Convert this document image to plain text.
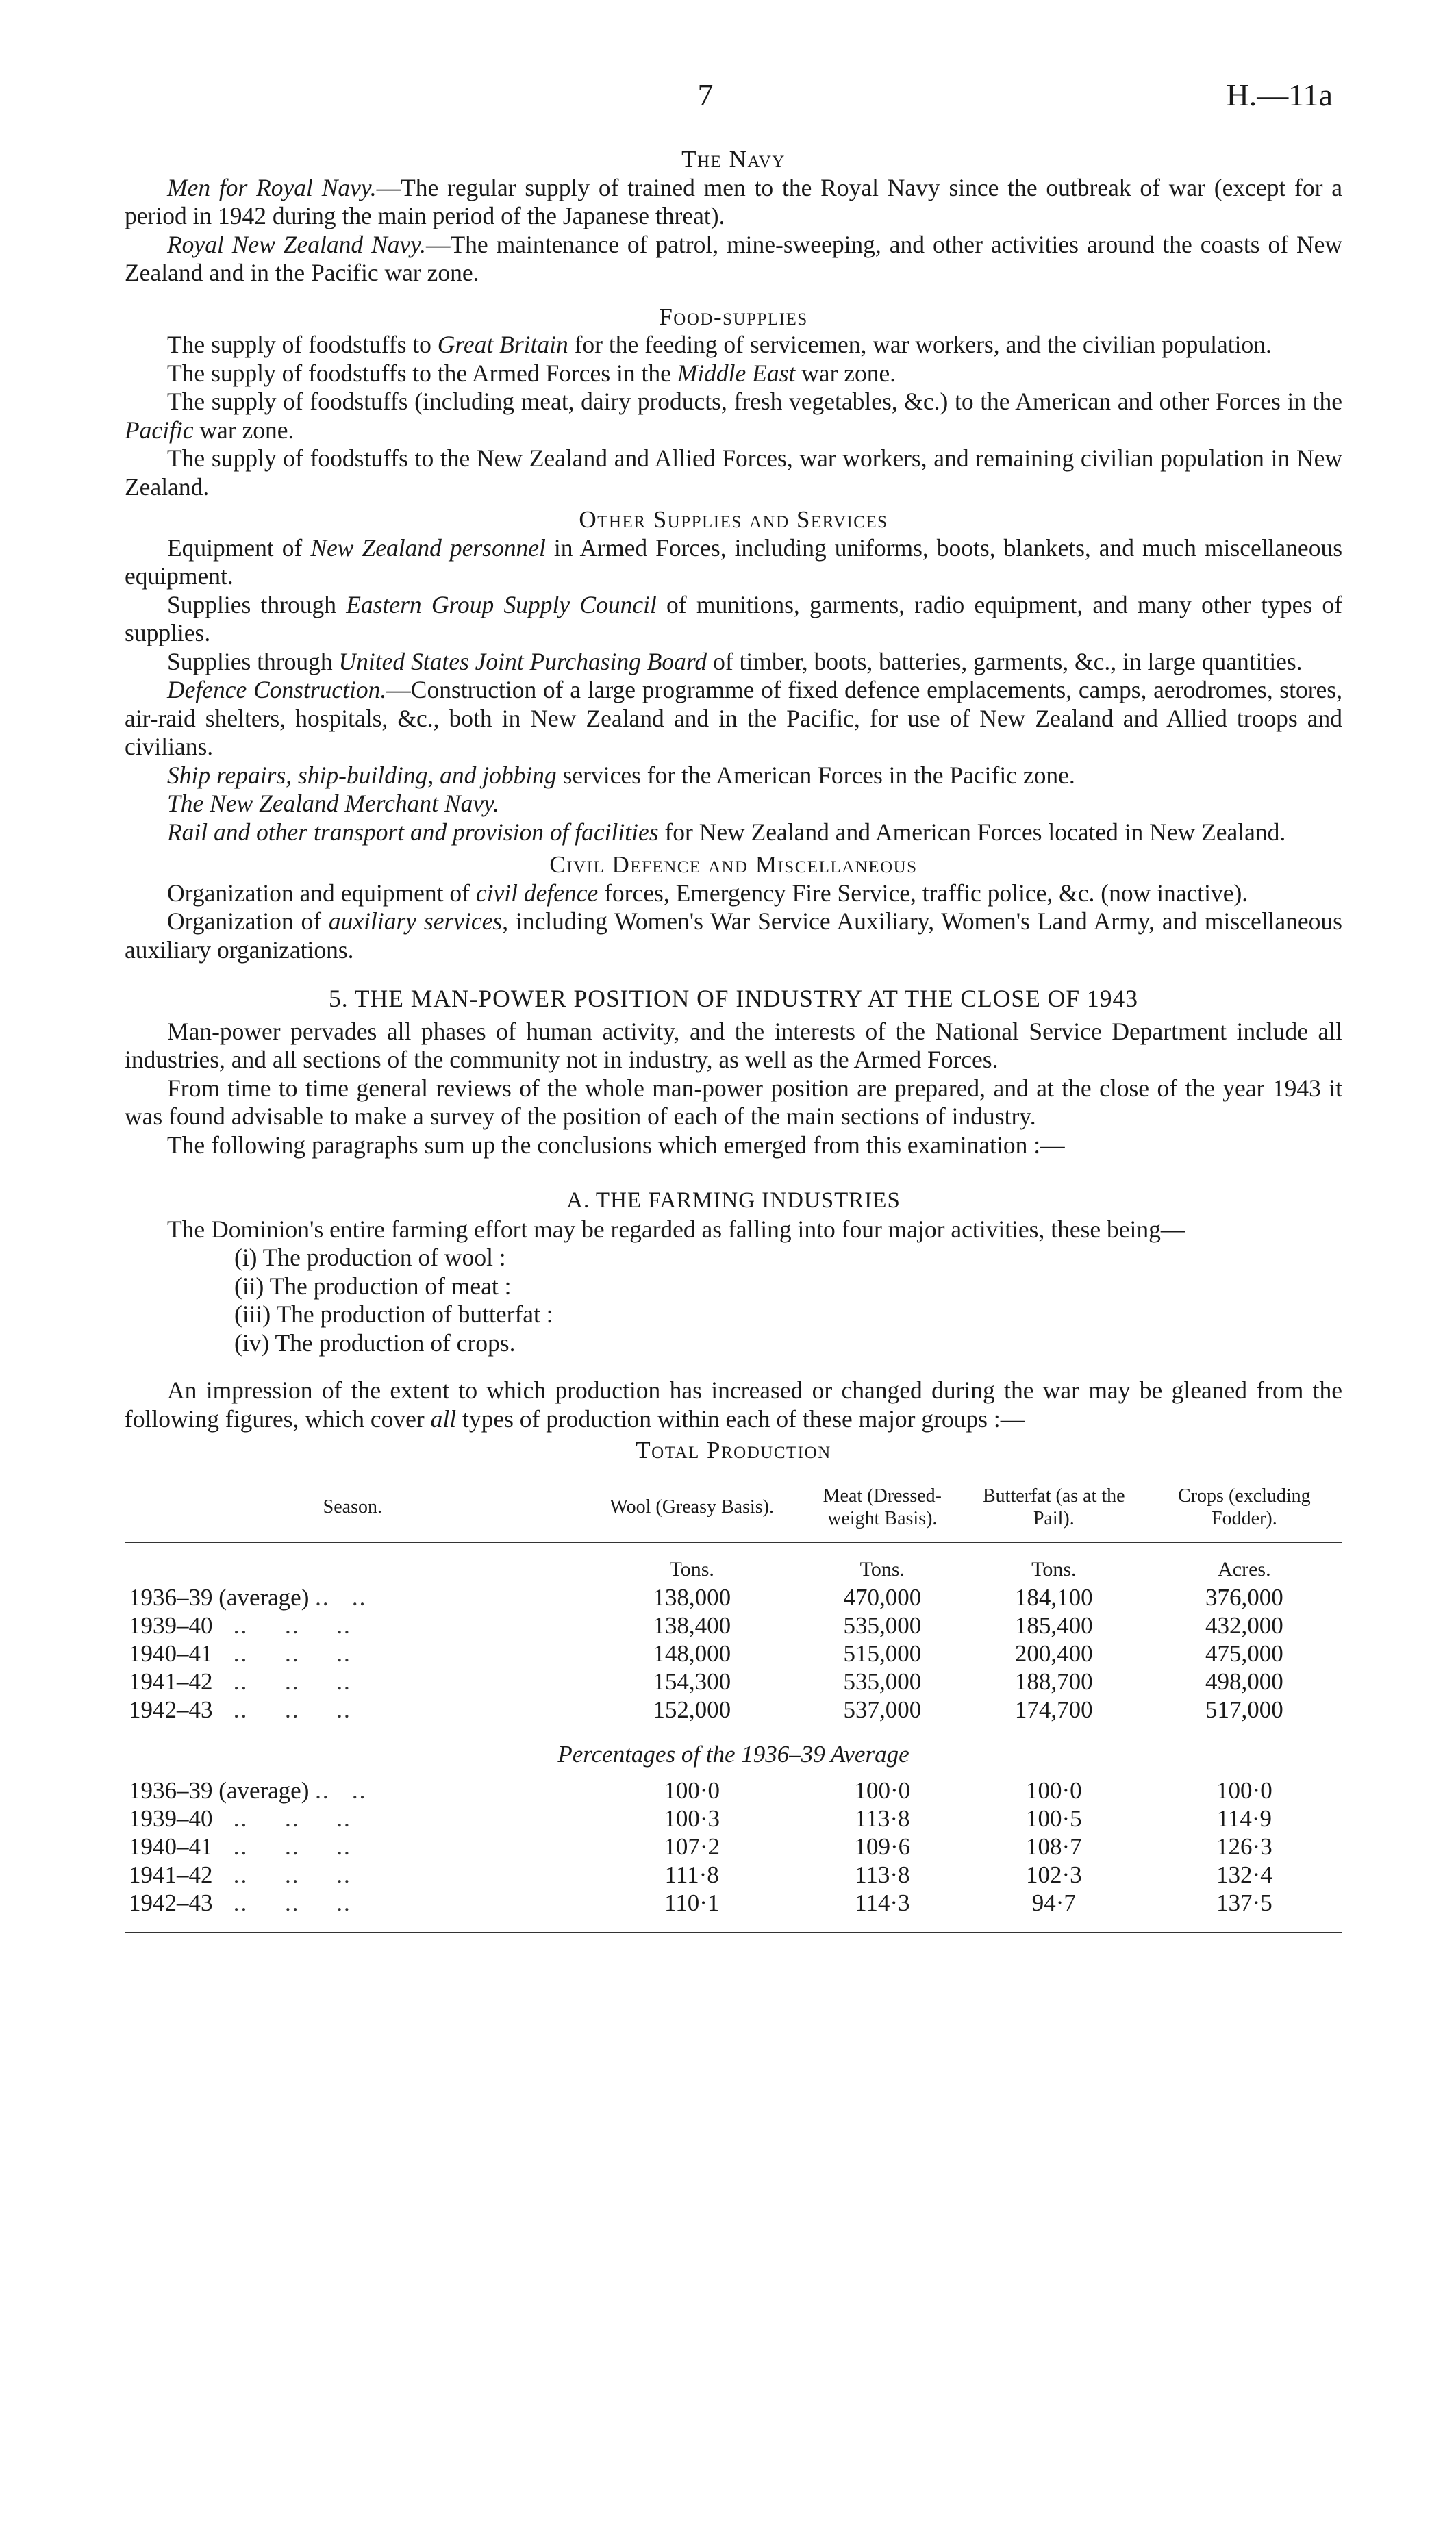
7	H.—11a
The Navy

Men for Royal Navy.—The regular supply of trained men to the Royal Navy since the outbreak of war (except for a period in 1942 during the main period of the Japanese threat).

Royal New Zealand Navy.—The maintenance of patrol, mine-sweeping, and other activities around the coasts of New Zealand and in the Pacific war zone.

Food-supplies

The supply of foodstuffs to Great Britain for the feeding of servicemen, war workers, and the civilian population.

The supply of foodstuffs to the Armed Forces in the Middle East war zone.

The supply of foodstuffs (including meat, dairy products, fresh vegetables, &c.) to the American and other Forces in the Pacific war zone.

The supply of foodstuffs to the New Zealand and Allied Forces, war workers, and remaining civilian population in New Zealand.

Other Supplies and Services

Equipment of New Zealand personnel in Armed Forces, including uniforms, boots, blankets, and much miscellaneous equipment.

Supplies through Eastern Group Supply Council of munitions, garments, radio equipment, and many other types of supplies.

Supplies through United States Joint Purchasing Board of timber, boots, batteries, garments, &c., in large quantities.

Defence Construction.—Construction of a large programme of fixed defence emplacements, camps, aerodromes, stores, air-raid shelters, hospitals, &c., both in New Zealand and in the Pacific, for use of New Zealand and Allied troops and civilians.

Ship repairs, ship-building, and jobbing services for the American Forces in the Pacific zone.

The New Zealand Merchant Navy.

Rail and other transport and provision of facilities for New Zealand and American Forces located in New Zealand.

Civil Defence and Miscellaneous

Organization and equipment of civil defence forces, Emergency Fire Service, traffic police, &c. (now inactive).

Organization of auxiliary services, including Women's War Service Auxiliary, Women's Land Army, and miscellaneous auxiliary organizations.

5. THE MAN-POWER POSITION OF INDUSTRY AT THE CLOSE OF 1943

Man-power pervades all phases of human activity, and the interests of the National Service Department include all industries, and all sections of the community not in industry, as well as the Armed Forces.

From time to time general reviews of the whole man-power position are prepared, and at the close of the year 1943 it was found advisable to make a survey of the position of each of the main sections of industry.

The following paragraphs sum up the conclusions which emerged from this examination :—

A. THE FARMING INDUSTRIES

The Dominion's entire farming effort may be regarded as falling into four major activities, these being—

(i) The production of wool :
(ii) The production of meat :
(iii) The production of butterfat :
(iv) The production of crops.

An impression of the extent to which production has increased or changed during the war may be gleaned from the following figures, which cover all types of production within each of these major groups :—

Total Production
Season.	Wool (Greasy Basis).	Meat (Dressed-weight Basis).	Butterfat (as at the Pail).	Crops (excluding Fodder).
	Tons.	Tons.	Tons.	Acres.
1936–39 (average) ..   ..	138,000	470,000	184,100	376,000
1939–40   ..     ..     ..	138,400	535,000	185,400	432,000
1940–41   ..     ..     ..	148,000	515,000	200,400	475,000
1941–42   ..     ..     ..	154,300	535,000	188,700	498,000
1942–43   ..     ..     ..	152,000	537,000	174,700	517,000
Percentages of the 1936–39 Average				
1936–39 (average) ..   ..	100·0	100·0	100·0	100·0
1939–40   ..     ..     ..	100·3	113·8	100·5	114·9
1940–41   ..     ..     ..	107·2	109·6	108·7	126·3
1941–42   ..     ..     ..	111·8	113·8	102·3	132·4
1942–43   ..     ..     ..	110·1	114·3	94·7	137·5
